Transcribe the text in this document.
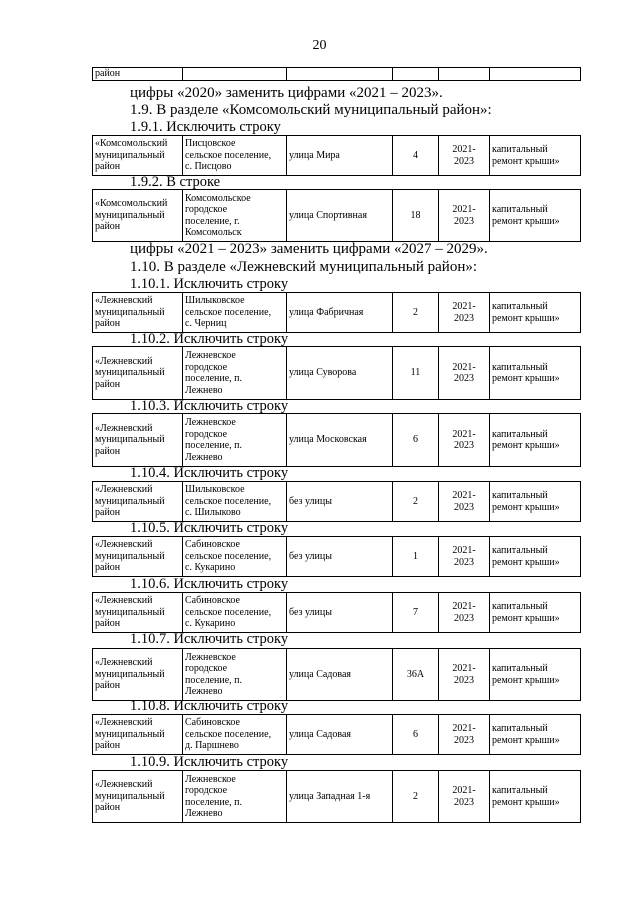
20
цифры «2020» заменить цифрами «2021 – 2023».
1.9. В разделе «Комсомольский муниципальный район»:
1.9.1. Исключить строку
1.9.2. В строке
цифры «2021 – 2023» заменить цифрами «2027 – 2029».
1.10. В разделе «Лежневский муниципальный район»:
1.10.1. Исключить строку
1.10.2. Исключить строку
1.10.3. Исключить строку
1.10.4. Исключить строку
1.10.5. Исключить строку
1.10.6. Исключить строку
1.10.7. Исключить строку
1.10.8. Исключить строку
1.10.9. Исключить строку
район					
«Комсомольский
муниципальный
район	Писцовское
сельское поселение,
с. Писцово	улица Мира	4	2021-
2023	капитальный
ремонт крыши»
«Комсомольский
муниципальный
район	Комсомольское
городское
поселение, г.
Комсомольск	улица Спортивная	18	2021-
2023	капитальный
ремонт крыши»
«Лежневский
муниципальный
район	Шилыковское
сельское поселение,
с. Черниц	улица Фабричная	2	2021-
2023	капитальный
ремонт крыши»
«Лежневский
муниципальный
район	Лежневское
городское
поселение, п.
Лежнево	улица Суворова	11	2021-
2023	капитальный
ремонт крыши»
«Лежневский
муниципальный
район	Лежневское
городское
поселение, п.
Лежнево	улица Московская	6	2021-
2023	капитальный
ремонт крыши»
«Лежневский
муниципальный
район	Шилыковское
сельское поселение,
с. Шилыково	без улицы	2	2021-
2023	капитальный
ремонт крыши»
«Лежневский
муниципальный
район	Сабиновское
сельское поселение,
с. Кукарино	без улицы	1	2021-
2023	капитальный
ремонт крыши»
«Лежневский
муниципальный
район	Сабиновское
сельское поселение,
с. Кукарино	без улицы	7	2021-
2023	капитальный
ремонт крыши»
«Лежневский
муниципальный
район	Лежневское
городское
поселение, п.
Лежнево	улица Садовая	36А	2021-
2023	капитальный
ремонт крыши»
«Лежневский
муниципальный
район	Сабиновское
сельское поселение,
д. Паршнево	улица Садовая	6	2021-
2023	капитальный
ремонт крыши»
«Лежневский
муниципальный
район	Лежневское
городское
поселение, п.
Лежнево	улица Западная 1-я	2	2021-
2023	капитальный
ремонт крыши»
